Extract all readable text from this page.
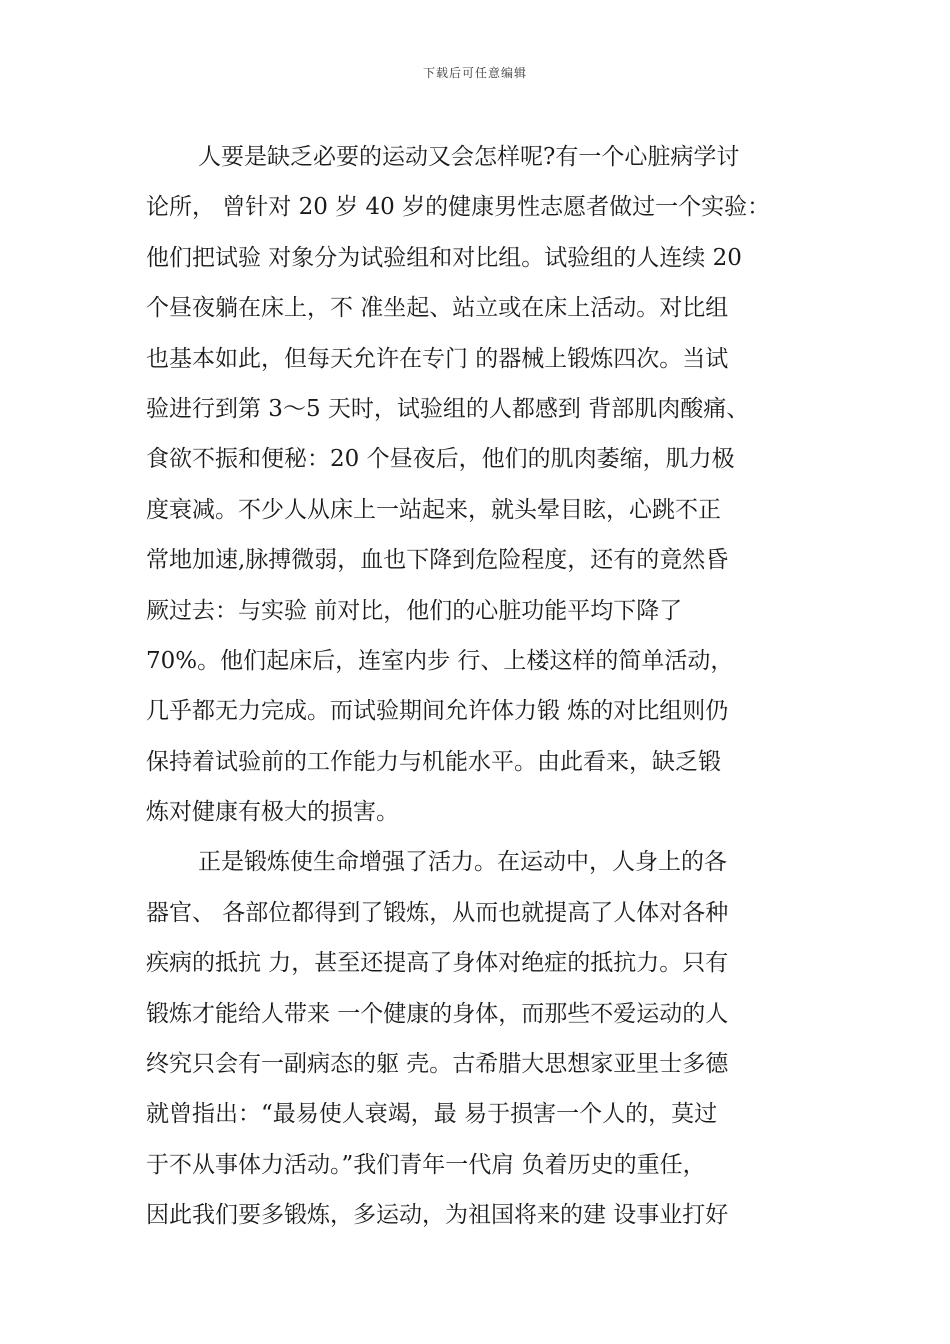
下载后可任意编辑
人要是缺乏必要的运动又会怎样呢?有一个心脏病学讨
论所， 曾针对 20 岁 40 岁的健康男性志愿者做过一个实验：
他们把试验 对象分为试验组和对比组。试验组的人连续 20
个昼夜躺在床上，不 准坐起、站立或在床上活动。对比组
也基本如此，但每天允许在专门 的器械上锻炼四次。当试
验进行到第 3～5 天时，试验组的人都感到 背部肌肉酸痛、
食欲不振和便秘：20 个昼夜后，他们的肌肉萎缩，肌力极
度衰减。不少人从床上一站起来，就头晕目眩，心跳不正
常地加速,脉搏微弱，血也下降到危险程度，还有的竟然昏
厥过去：与实验 前对比，他们的心脏功能平均下降了
70%。他们起床后，连室内步 行、上楼这样的简单活动，
几乎都无力完成。而试验期间允许体力锻 炼的对比组则仍
保持着试验前的工作能力与机能水平。由此看来，缺乏锻
炼对健康有极大的损害。
正是锻炼使生命增强了活力。在运动中，人身上的各
器官、 各部位都得到了锻炼，从而也就提高了人体对各种
疾病的抵抗 力，甚至还提高了身体对绝症的抵抗力。只有
锻炼才能给人带来 一个健康的身体，而那些不爱运动的人
终究只会有一副病态的躯 壳。古希腊大思想家亚里士多德
就曾指出：“最易使人衰竭，最 易于损害一个人的，莫过
于不从事体力活动。”我们青年一代肩 负着历史的重任，
因此我们要多锻炼，多运动，为祖国将来的建 设事业打好
